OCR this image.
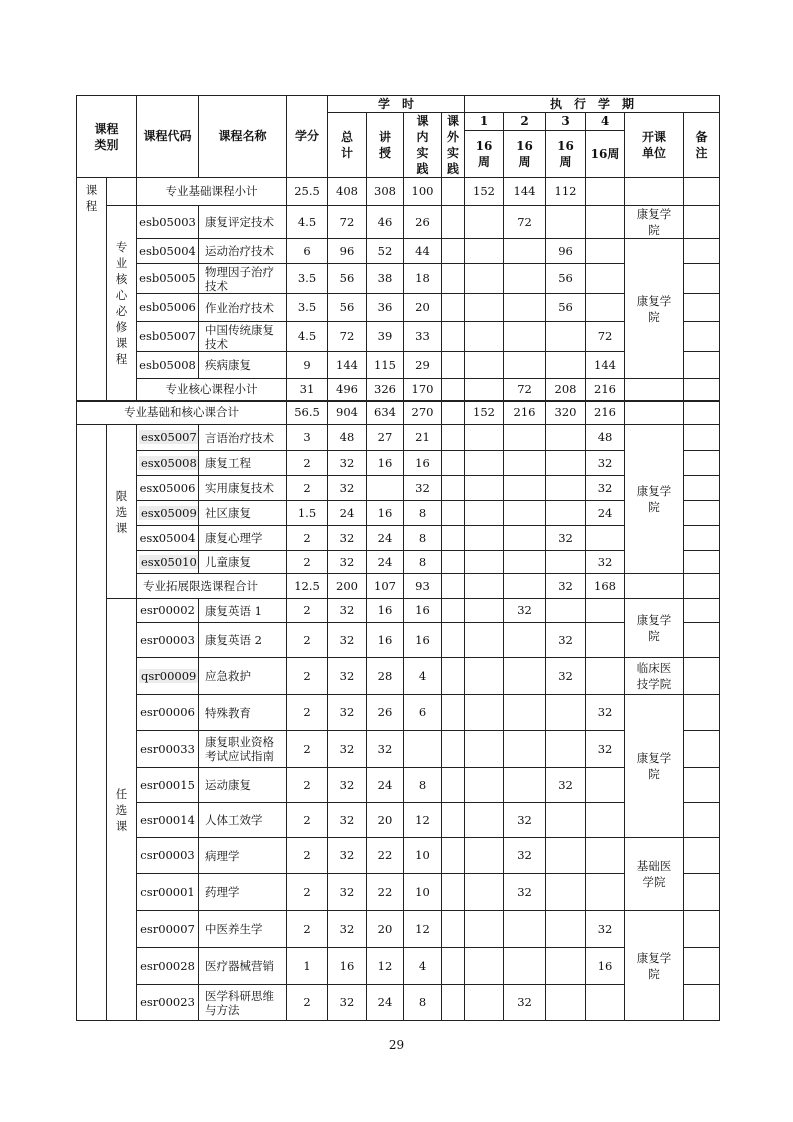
课程类别		课程代码	课程名称	学分	学　时				执　行　学　期					
					总计	讲授	课内实践	课外实践	1	2	3	4	开课单位	备注
									16周	16周	16周	16周		
课程		专业基础课程小计		25.5	408	308	100		152	144	112			
	专业核心必修课程	esb05003	康复评定技术	4.5	72	46	26			72			康复学院	
		esb05004	运动治疗技术	6	96	52	44				96		康复学院	
		esb05005	物理因子治疗技术	3.5	56	38	18				56			
		esb05006	作业治疗技术	3.5	56	36	20				56			
		esb05007	中国传统康复技术	4.5	72	39	33					72		
		esb05008	疾病康复	9	144	115	29					144		
		专业核心课程小计		31	496	326	170			72	208	216		
专业基础和核心课合计				56.5	904	634	270		152	216	320	216		
	限选课	esx05007	言语治疗技术	3	48	27	21					48	康复学院	
		esx05008	康复工程	2	32	16	16					32		
		esx05006	实用康复技术	2	32		32					32		
		esx05009	社区康复	1.5	24	16	8					24		
		esx05004	康复心理学	2	32	24	8				32			
		esx05010	儿童康复	2	32	24	8					32		
		专业拓展限选课程合计		12.5	200	107	93				32	168		
	任选课	esr00002	康复英语 1	2	32	16	16			32			康复学院	
		esr00003	康复英语 2	2	32	16	16				32			
		qsr00009	应急救护	2	32	28	4				32		临床医技学院	
		esr00006	特殊教育	2	32	26	6					32	康复学院	
		esr00033	康复职业资格考试应试指南	2	32	32						32		
		esr00015	运动康复	2	32	24	8				32			
		esr00014	人体工效学	2	32	20	12			32				
		csr00003	病理学	2	32	22	10			32			基础医学院	
		csr00001	药理学	2	32	22	10			32				
		esr00007	中医养生学	2	32	20	12					32	康复学院	
		esr00028	医疗器械营销	1	16	12	4					16		
		esr00023	医学科研思维与方法	2	32	24	8			32				
29
